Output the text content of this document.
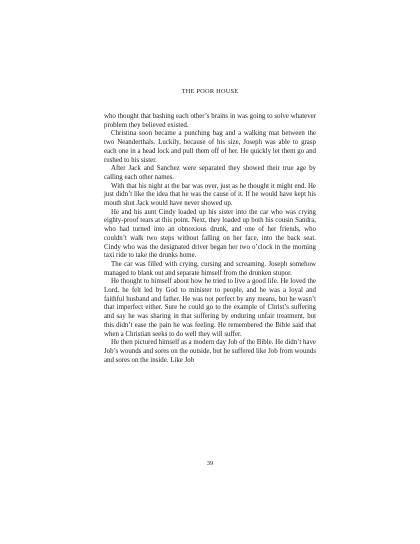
THE POOR HOUSE

who thought that bashing each other’s brains in was going to solve whatever problem they believed existed.

Christina soon became a punching bag and a walking mat between the two Neanderthals. Luckily, because of his size, Joseph was able to grasp each one in a head lock and pull them off of her. He quickly let them go and rushed to his sister.

After Jack and Sanchez were separated they showed their true age by calling each other names.

With that his night at the bar was over, just as he thought it might end. He just didn’t like the idea that he was the cause of it. If he would have kept his mouth shut Jack would have never showed up.

He and his aunt Cindy loaded up his sister into the car who was crying eighty-proof tears at this point. Next, they loaded up both his cousin Sandra, who had turned into an obnoxious drunk, and one of her friends, who couldn’t walk two steps without falling on her face, into the back seat. Cindy who was the designated driver began her two o’clock in the morning taxi ride to take the drunks home.

The car was filled with crying, cursing and screaming. Joseph somehow managed to blank out and separate himself from the drunken stupor.

He thought to himself about how he tried to live a good life. He loved the Lord, he felt led by God to minister to people, and he was a loyal and faithful husband and father. He was not perfect by any means, but he wasn’t that imperfect either. Sure he could go to the example of Christ’s suffering and say he was sharing in that suffering by enduring unfair treatment, but this didn’t ease the pain he was feeling. He remembered the Bible said that when a Christian seeks to do well they will suffer.

He then pictured himself as a modern day Job of the Bible. He didn’t have Job’s wounds and sores on the outside, but he suffered like Job from wounds and sores on the inside. Like Job

39
